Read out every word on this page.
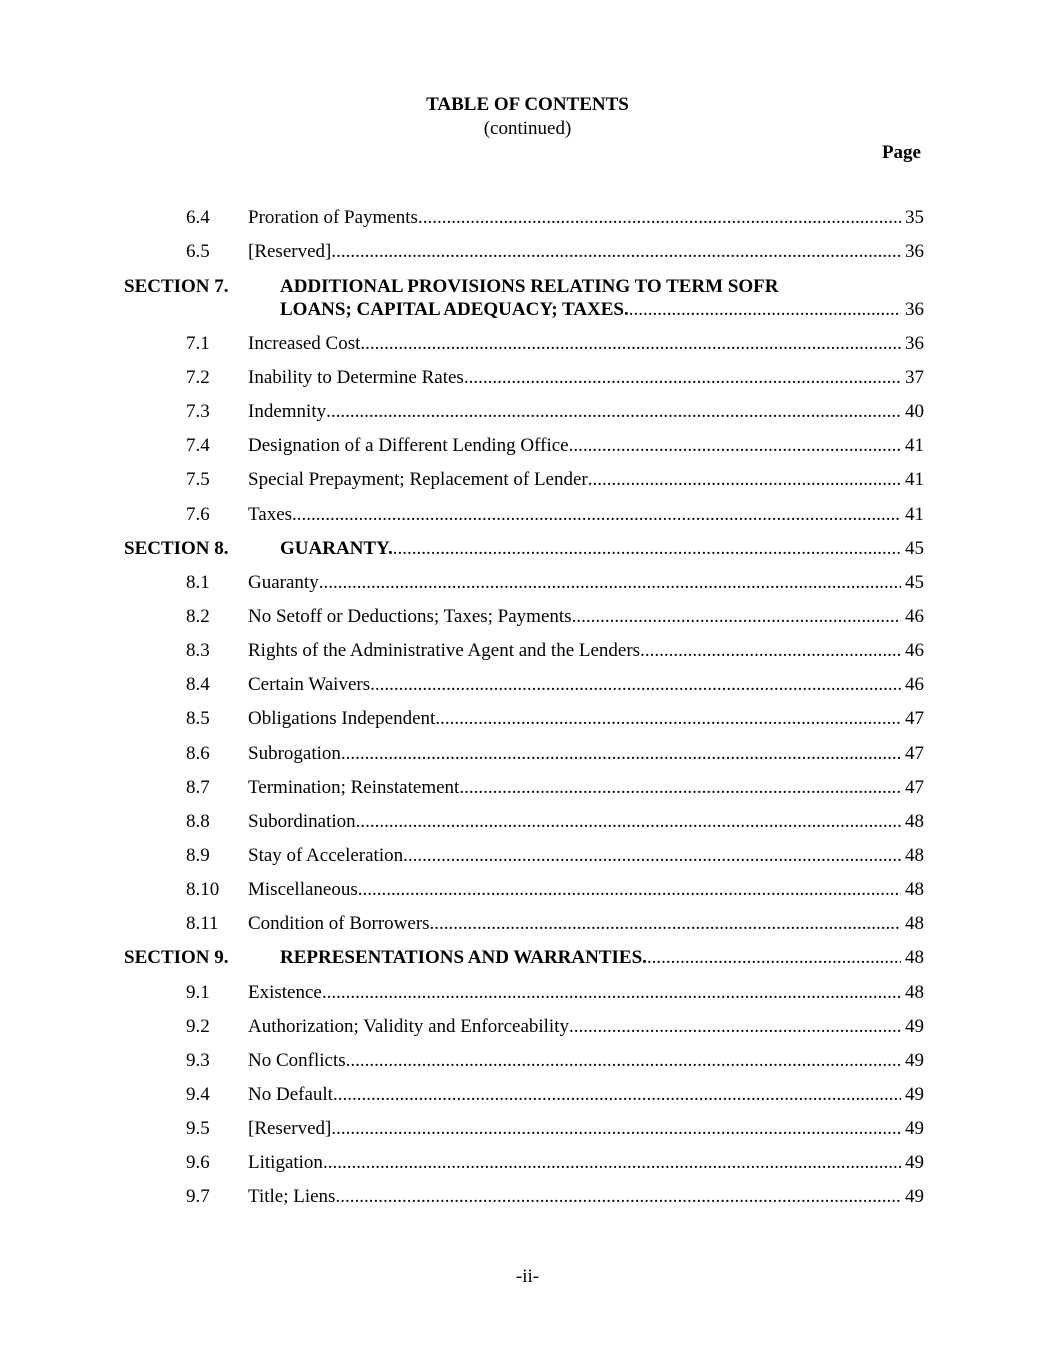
TABLE OF CONTENTS
(continued)
Page
6.4 Proration of Payments .....	35
6.5 [Reserved] .....	36
SECTION 7.	ADDITIONAL PROVISIONS RELATING TO TERM SOFR
LOANS; CAPITAL ADEQUACY; TAXES. .....	36
7.1 Increased Cost .....	36
7.2 Inability to Determine Rates .....	37
7.3 Indemnity .....	40
7.4 Designation of a Different Lending Office .....	41
7.5 Special Prepayment; Replacement of Lender .....	41
7.6 Taxes .....	41
SECTION 8.	GUARANTY. .....	45
8.1 Guaranty .....	45
8.2 No Setoff or Deductions; Taxes; Payments .....	46
8.3 Rights of the Administrative Agent and the Lenders .....	46
8.4 Certain Waivers .....	46
8.5 Obligations Independent .....	47
8.6 Subrogation .....	47
8.7 Termination; Reinstatement .....	47
8.8 Subordination .....	48
8.9 Stay of Acceleration .....	48
8.10 Miscellaneous .....	48
8.11 Condition of Borrowers .....	48
SECTION 9.	REPRESENTATIONS AND WARRANTIES. .....	48
9.1 Existence .....	48
9.2 Authorization; Validity and Enforceability .....	49
9.3 No Conflicts .....	49
9.4 No Default .....	49
9.5 [Reserved] .....	49
9.6 Litigation .....	49
9.7 Title; Liens .....	49
-ii-
